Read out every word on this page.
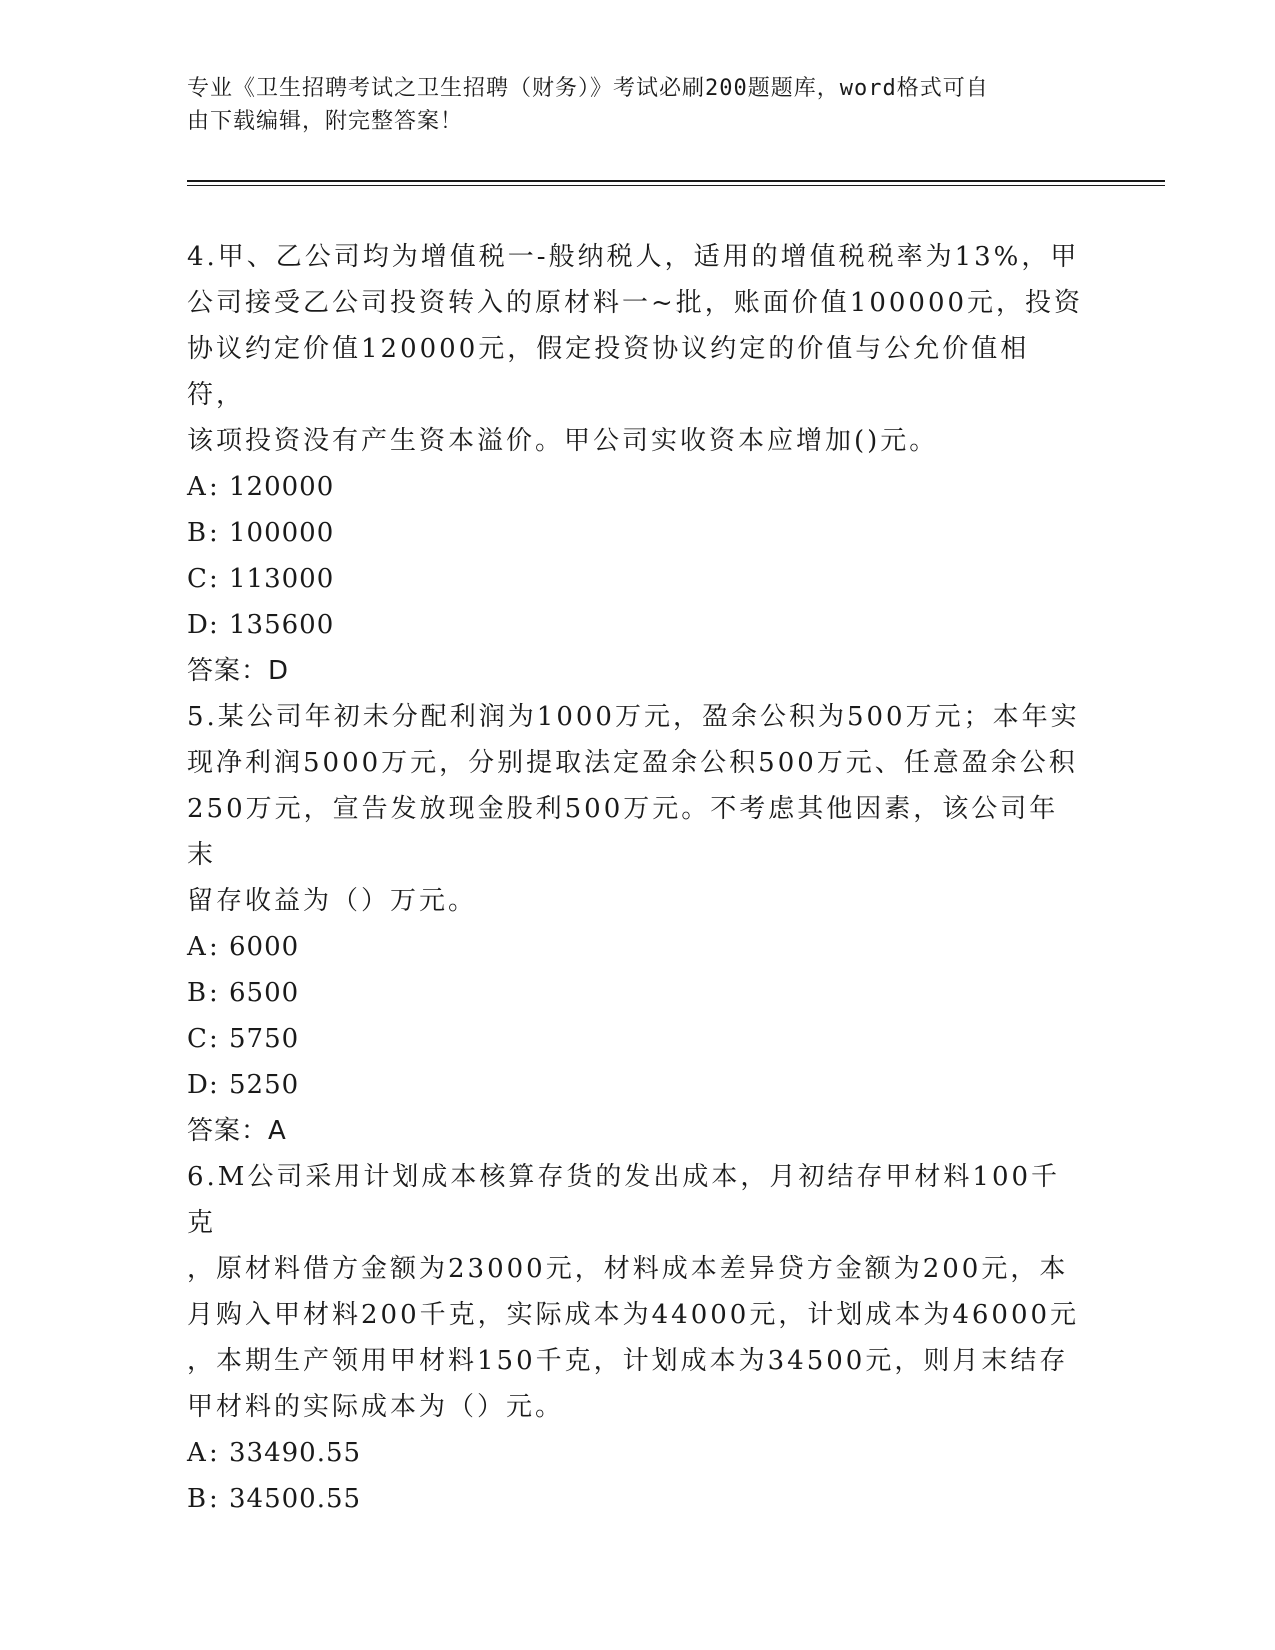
专业《卫生招聘考试之卫生招聘（财务）》考试必刷200题题库，word格式可自
由下载编辑，附完整答案！
4.甲、乙公司均为增值税一-般纳税人，适用的增值税税率为13%，甲
公司接受乙公司投资转入的原材料一~批，账面价值100000元，投资
协议约定价值120000元，假定投资协议约定的价值与公允价值相符，
该项投资没有产生资本溢价。甲公司实收资本应增加()元。
A: 120000
B: 100000
C: 113000
D: 135600
答案：D
5.某公司年初未分配利润为1000万元，盈余公积为500万元；本年实
现净利润5000万元，分别提取法定盈余公积500万元、任意盈余公积
250万元，宣告发放现金股利500万元。不考虑其他因素，该公司年末
留存收益为（）万元。
A: 6000
B: 6500
C: 5750
D: 5250
答案：A
6.M公司采用计划成本核算存货的发出成本，月初结存甲材料100千克
，原材料借方金额为23000元，材料成本差异贷方金额为200元，本
月购入甲材料200千克，实际成本为44000元，计划成本为46000元
，本期生产领用甲材料150千克，计划成本为34500元，则月末结存
甲材料的实际成本为（）元。
A: 33490.55
B: 34500.55
